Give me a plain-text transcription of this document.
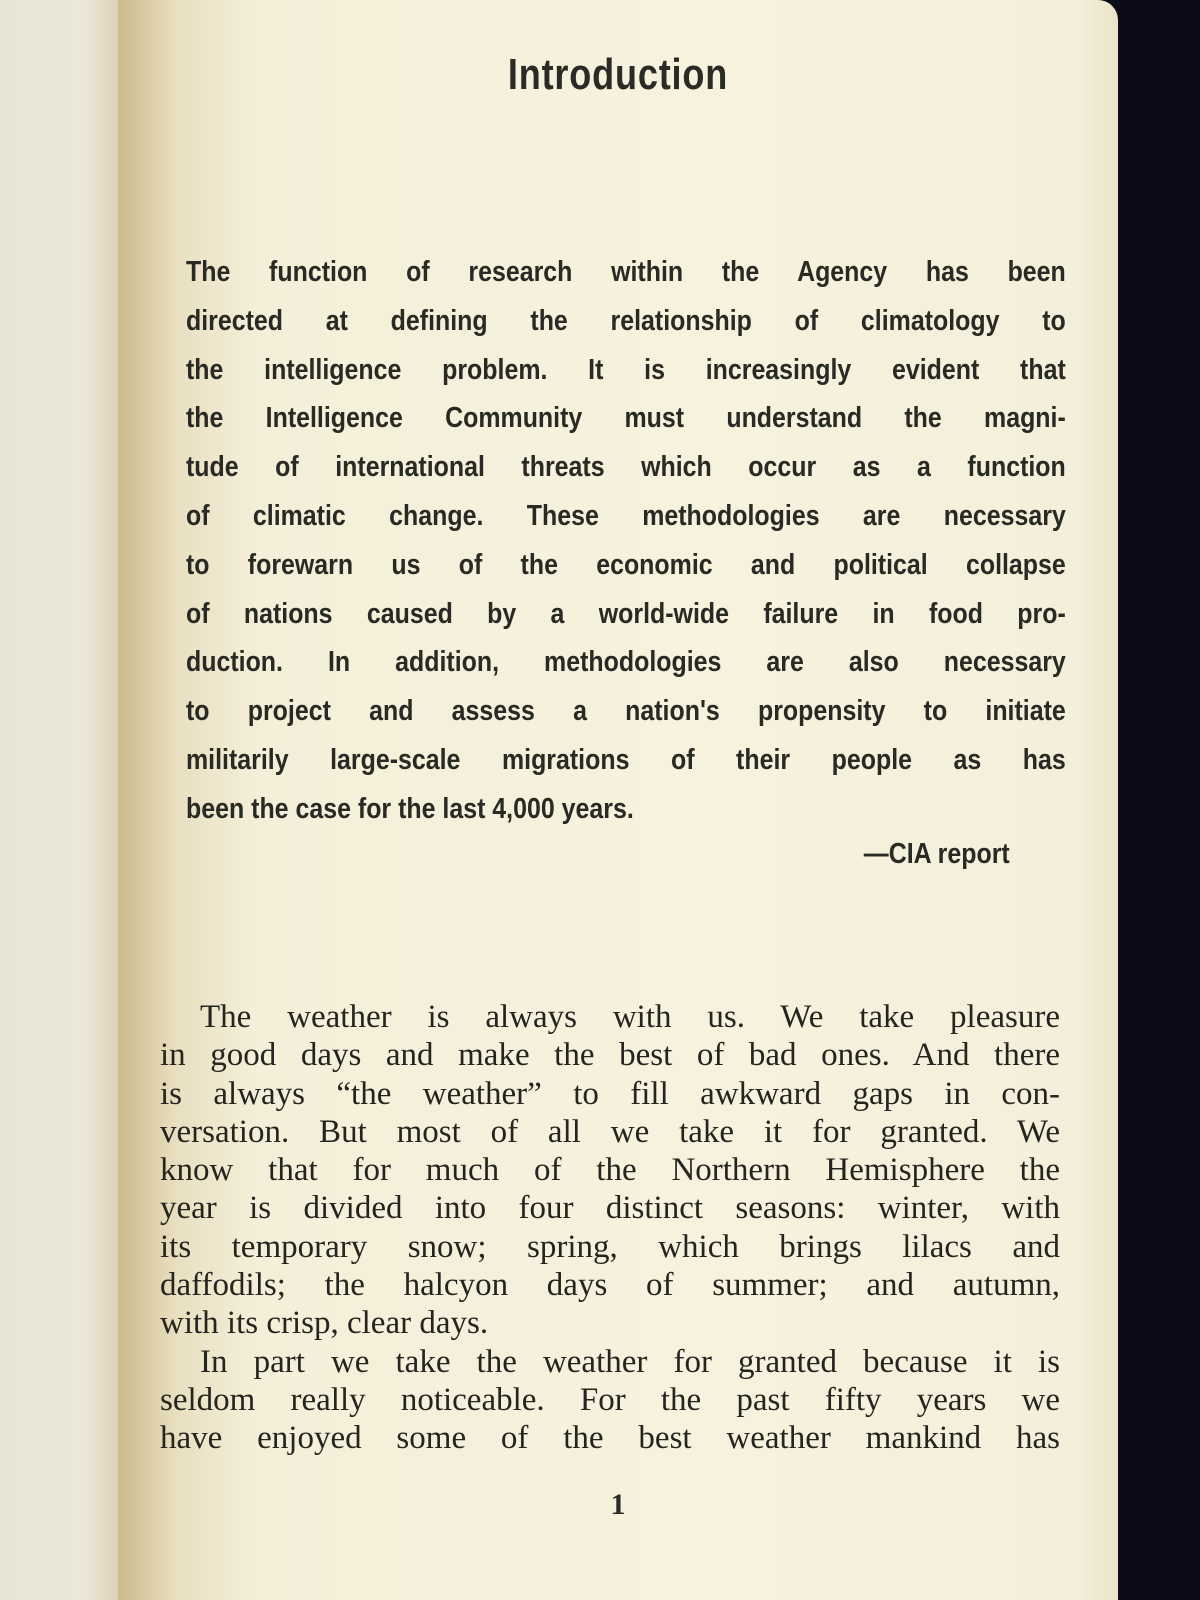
Introduction
The function of research within the Agency has been
directed at defining the relationship of climatology to
the intelligence problem. It is increasingly evident that
the Intelligence Community must understand the magni-
tude of international threats which occur as a function
of climatic change. These methodologies are necessary
to forewarn us of the economic and political collapse
of nations caused by a world-wide failure in food pro-
duction. In addition, methodologies are also necessary
to project and assess a nation's propensity to initiate
militarily large-scale migrations of their people as has
been the case for the last 4,000 years.
—CIA report
The weather is always with us. We take pleasure
in good days and make the best of bad ones. And there
is always “the weather” to fill awkward gaps in con-
versation. But most of all we take it for granted. We
know that for much of the Northern Hemisphere the
year is divided into four distinct seasons: winter, with
its temporary snow; spring, which brings lilacs and
daffodils; the halcyon days of summer; and autumn,
with its crisp, clear days.
In part we take the weather for granted because it is
seldom really noticeable. For the past fifty years we
have enjoyed some of the best weather mankind has
1
